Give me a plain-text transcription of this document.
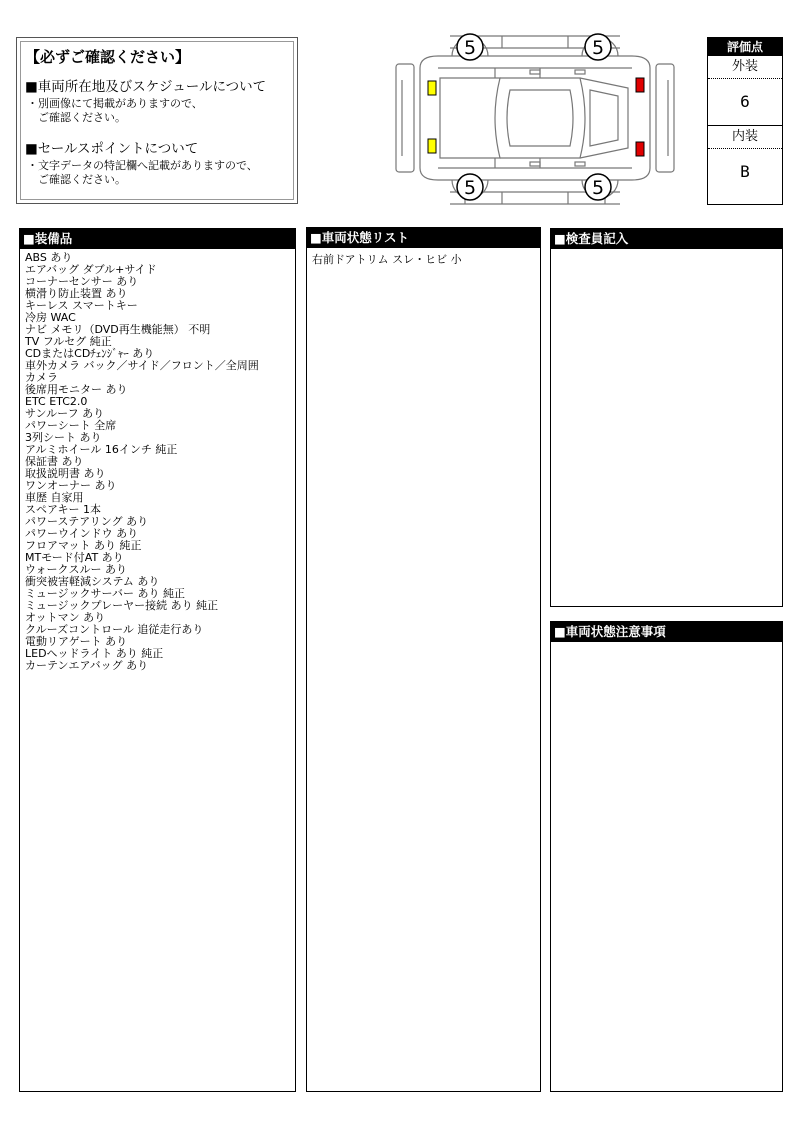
【必ずご確認ください】

■車両所在地及びスケジュールについて

・別画像にて掲載がありますので、
　ご確認ください。

■セールスポイントについて

・文字データの特記欄へ記載がありますので、
　ご確認ください。
5	5
5	5
評価点
外装
6
内装
B
■装備品
ABS あり
エアバッグ ダブル+サイド
コーナーセンサー あり
横滑り防止装置 あり
キーレス スマートキー
冷房 WAC
ナビ メモリ（DVD再生機能無） 不明
TV フルセグ 純正
CDまたはCDﾁｪﾝｼﾞｬｰ あり
車外カメラ バック／サイド／フロント／全周囲
カメラ
後席用モニター あり
ETC ETC2.0
サンルーフ あり
パワーシート 全席
3列シート あり
アルミホイール 16インチ 純正
保証書 あり
取扱説明書 あり
ワンオーナー あり
車歴 自家用
スペアキー 1本
パワーステアリング あり
パワーウインドウ あり
フロアマット あり 純正
MTモード付AT あり
ウォークスルー あり
衝突被害軽減システム あり
ミュージックサーバー あり 純正
ミュージックプレーヤー接続 あり 純正
オットマン あり
クルーズコントロール 追従走行あり
電動リアゲート あり
LEDヘッドライト あり 純正
カーテンエアバッグ あり
■車両状態リスト
右前ドアトリム スレ・ヒビ 小
■検査員記入
■車両状態注意事項
